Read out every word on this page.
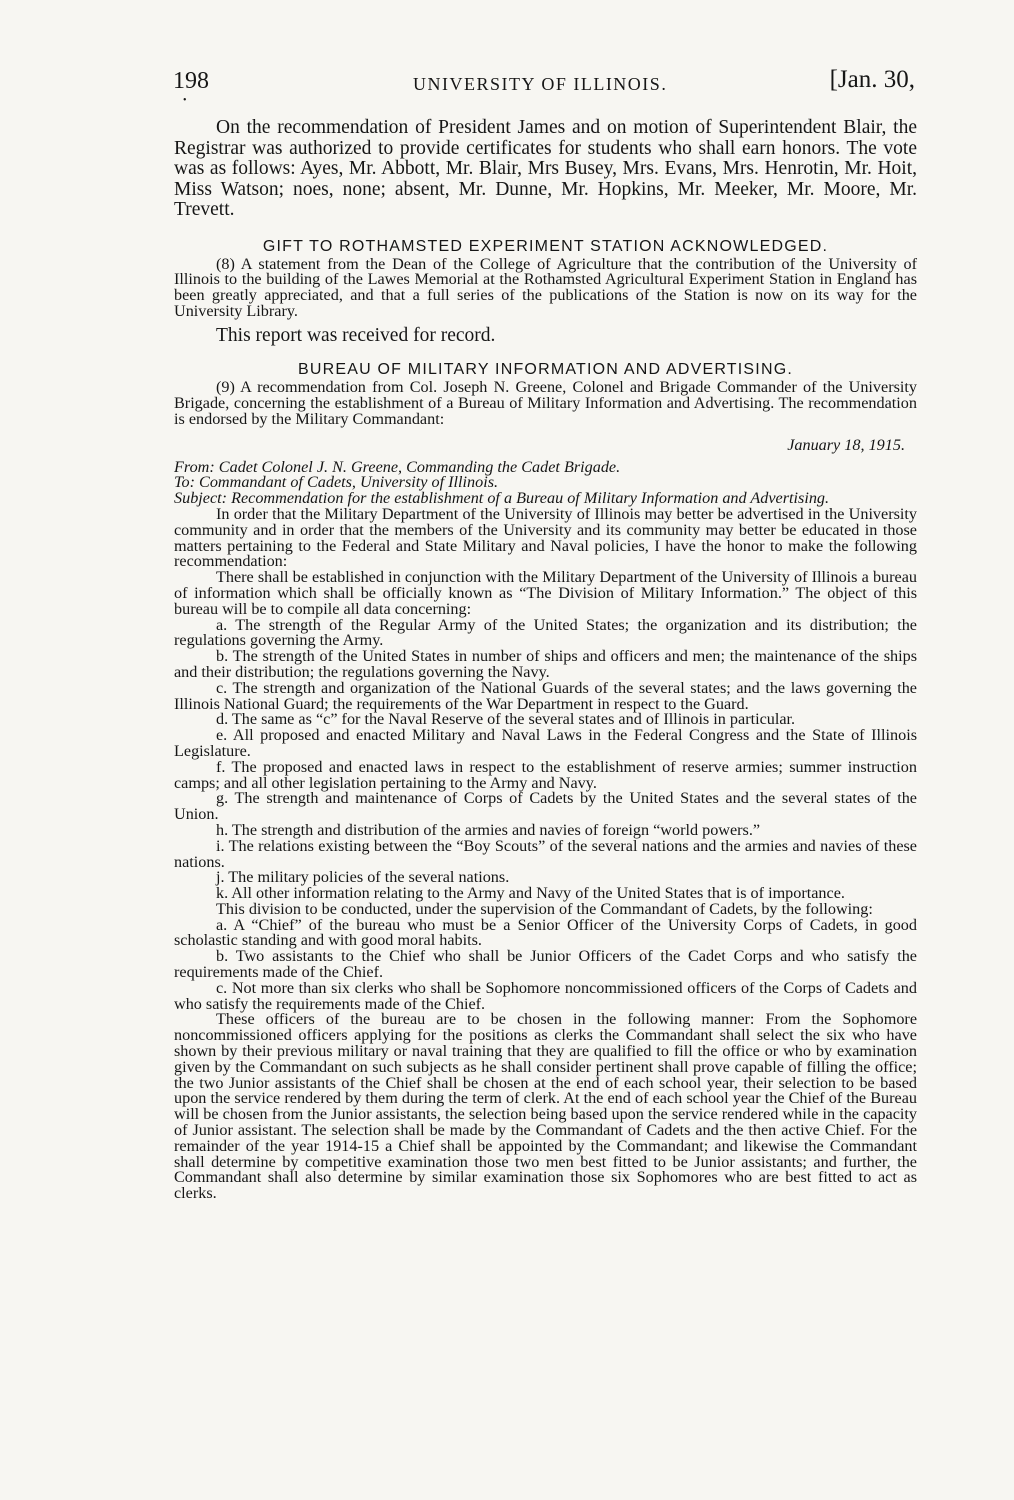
198	UNIVERSITY OF ILLINOIS.	[Jan. 30,
•

On the recommendation of President James and on motion of Superintendent Blair, the Registrar was authorized to provide certificates for students who shall earn honors. The vote was as follows: Ayes, Mr. Abbott, Mr. Blair, Mrs Busey, Mrs. Evans, Mrs. Henrotin, Mr. Hoit, Miss Watson; noes, none; absent, Mr. Dunne, Mr. Hopkins, Mr. Meeker, Mr. Moore, Mr. Trevett.

GIFT TO ROTHAMSTED EXPERIMENT STATION ACKNOWLEDGED.

(8) A statement from the Dean of the College of Agriculture that the contribution of the University of Illinois to the building of the Lawes Memorial at the Rothamsted Agricultural Experiment Station in England has been greatly appreciated, and that a full series of the publications of the Station is now on its way for the University Library.

This report was received for record.

BUREAU OF MILITARY INFORMATION AND ADVERTISING.

(9) A recommendation from Col. Joseph N. Greene, Colonel and Brigade Commander of the University Brigade, concerning the establishment of a Bureau of Military Information and Advertising. The recommendation is endorsed by the Military Commandant:

January 18, 1915.

From: Cadet Colonel J. N. Greene, Commanding the Cadet Brigade.

To: Commandant of Cadets, University of Illinois.

Subject: Recommendation for the establishment of a Bureau of Military Information and Advertising.

In order that the Military Department of the University of Illinois may better be advertised in the University community and in order that the members of the University and its community may better be educated in those matters pertaining to the Federal and State Military and Naval policies, I have the honor to make the following recommendation:

There shall be established in conjunction with the Military Department of the University of Illinois a bureau of information which shall be officially known as “The Division of Military Information.” The object of this bureau will be to compile all data concerning:

a. The strength of the Regular Army of the United States; the organization and its distribution; the regulations governing the Army.

b. The strength of the United States in number of ships and officers and men; the maintenance of the ships and their distribution; the regulations governing the Navy.

c. The strength and organization of the National Guards of the several states; and the laws governing the Illinois National Guard; the requirements of the War Department in respect to the Guard.

d. The same as “c” for the Naval Reserve of the several states and of Illinois in particular.

e. All proposed and enacted Military and Naval Laws in the Federal Congress and the State of Illinois Legislature.

f. The proposed and enacted laws in respect to the establishment of reserve armies; summer instruction camps; and all other legislation pertaining to the Army and Navy.

g. The strength and maintenance of Corps of Cadets by the United States and the several states of the Union.

h. The strength and distribution of the armies and navies of foreign “world powers.”

i. The relations existing between the “Boy Scouts” of the several nations and the armies and navies of these nations.

j. The military policies of the several nations.

k. All other information relating to the Army and Navy of the United States that is of importance.

This division to be conducted, under the supervision of the Commandant of Cadets, by the following:

a. A “Chief” of the bureau who must be a Senior Officer of the University Corps of Cadets, in good scholastic standing and with good moral habits.

b. Two assistants to the Chief who shall be Junior Officers of the Cadet Corps and who satisfy the requirements made of the Chief.

c. Not more than six clerks who shall be Sophomore noncommissioned officers of the Corps of Cadets and who satisfy the requirements made of the Chief.

These officers of the bureau are to be chosen in the following manner: From the Sophomore noncommissioned officers applying for the positions as clerks the Commandant shall select the six who have shown by their previous military or naval training that they are qualified to fill the office or who by examination given by the Commandant on such subjects as he shall consider pertinent shall prove capable of filling the office; the two Junior assistants of the Chief shall be chosen at the end of each school year, their selection to be based upon the service rendered by them during the term of clerk. At the end of each school year the Chief of the Bureau will be chosen from the Junior assistants, the selection being based upon the service rendered while in the capacity of Junior assistant. The selection shall be made by the Commandant of Cadets and the then active Chief. For the remainder of the year 1914-15 a Chief shall be appointed by the Commandant; and likewise the Commandant shall determine by competitive examination those two men best fitted to be Junior assistants; and further, the Commandant shall also determine by similar examination those six Sophomores who are best fitted to act as clerks.
